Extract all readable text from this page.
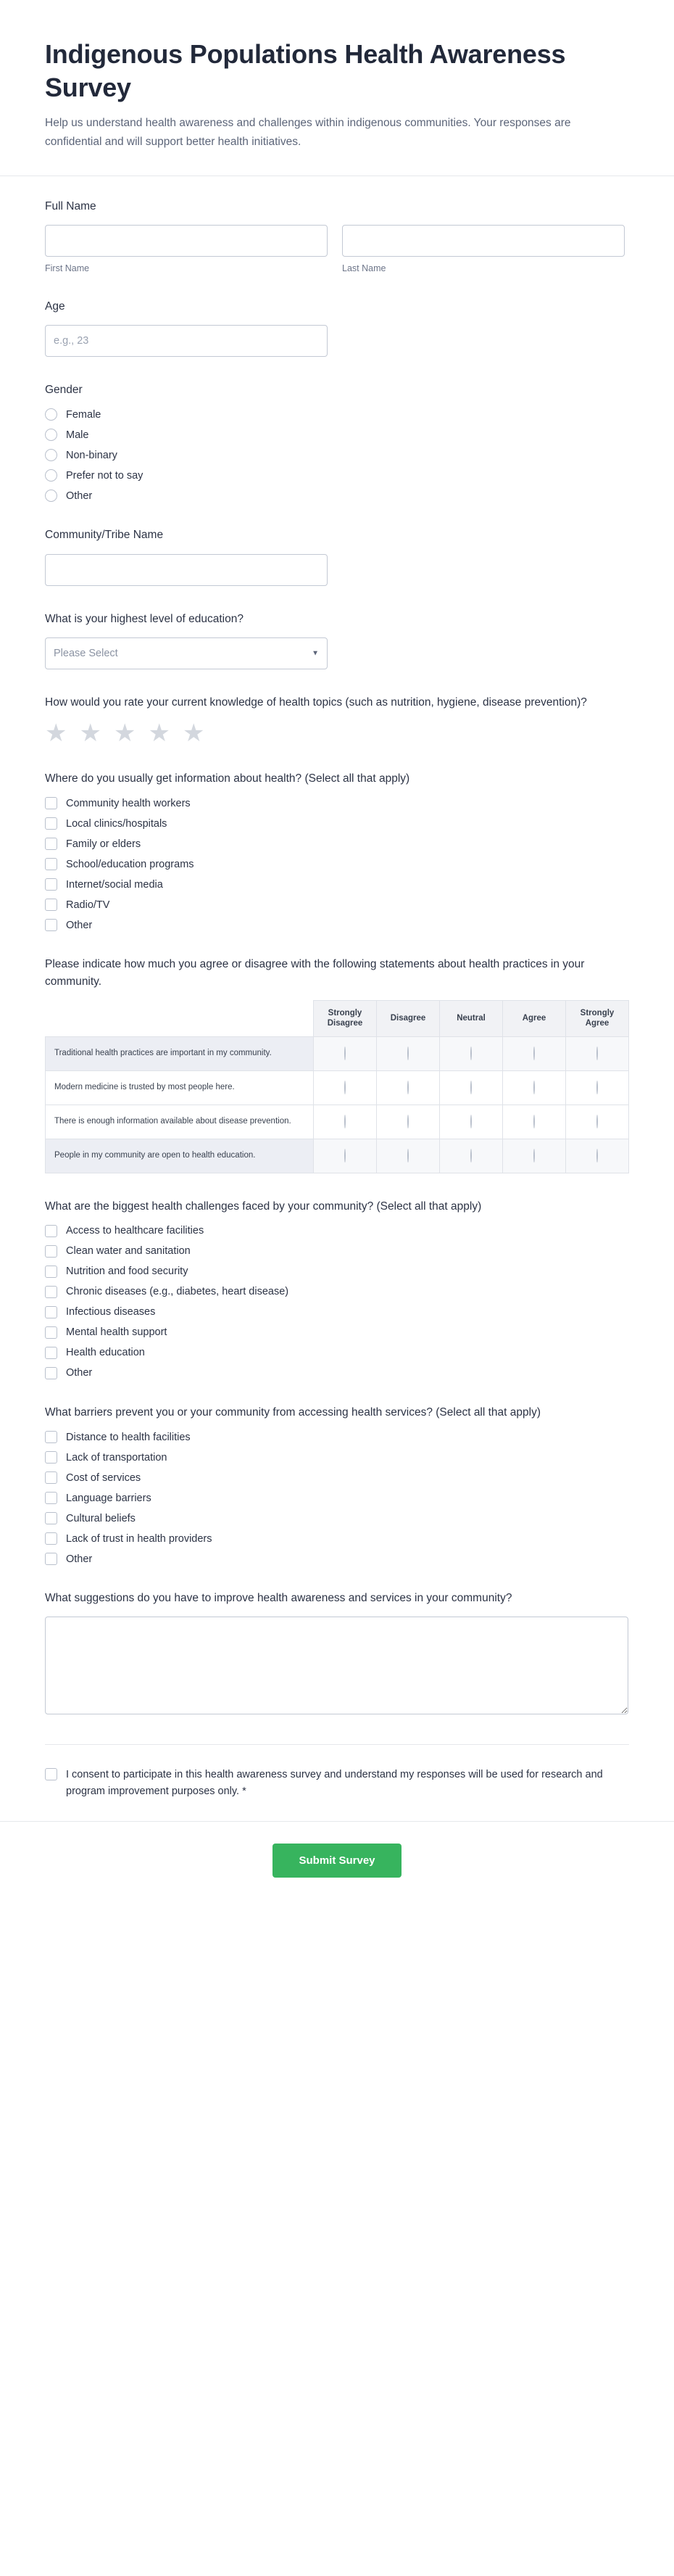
Indigenous Populations Health Awareness Survey

Help us understand health awareness and challenges within indigenous communities. Your responses are confidential and will support better health initiatives.

Full Name
First Name	Last Name
Age
e.g., 23
Gender
Female
Male
Non-binary
Prefer not to say
Other
Community/Tribe Name
What is your highest level of education?
Please Select
▼
How would you rate your current knowledge of health topics (such as nutrition, hygiene, disease prevention)?
★ ★ ★ ★ ★
Where do you usually get information about health? (Select all that apply)
Community health workers
Local clinics/hospitals
Family or elders
School/education programs
Internet/social media
Radio/TV
Other
Please indicate how much you agree or disagree with the following statements about health practices in your community.
	Strongly Disagree	Disagree	Neutral	Agree	Strongly Agree
Traditional health practices are important in my community.					
Modern medicine is trusted by most people here.					
There is enough information available about disease prevention.					
People in my community are open to health education.					
What are the biggest health challenges faced by your community? (Select all that apply)
Access to healthcare facilities
Clean water and sanitation
Nutrition and food security
Chronic diseases (e.g., diabetes, heart disease)
Infectious diseases
Mental health support
Health education
Other
What barriers prevent you or your community from accessing health services? (Select all that apply)
Distance to health facilities
Lack of transportation
Cost of services
Language barriers
Cultural beliefs
Lack of trust in health providers
Other
What suggestions do you have to improve health awareness and services in your community?
I consent to participate in this health awareness survey and understand my responses will be used for research and program improvement purposes only. *
Submit Survey
